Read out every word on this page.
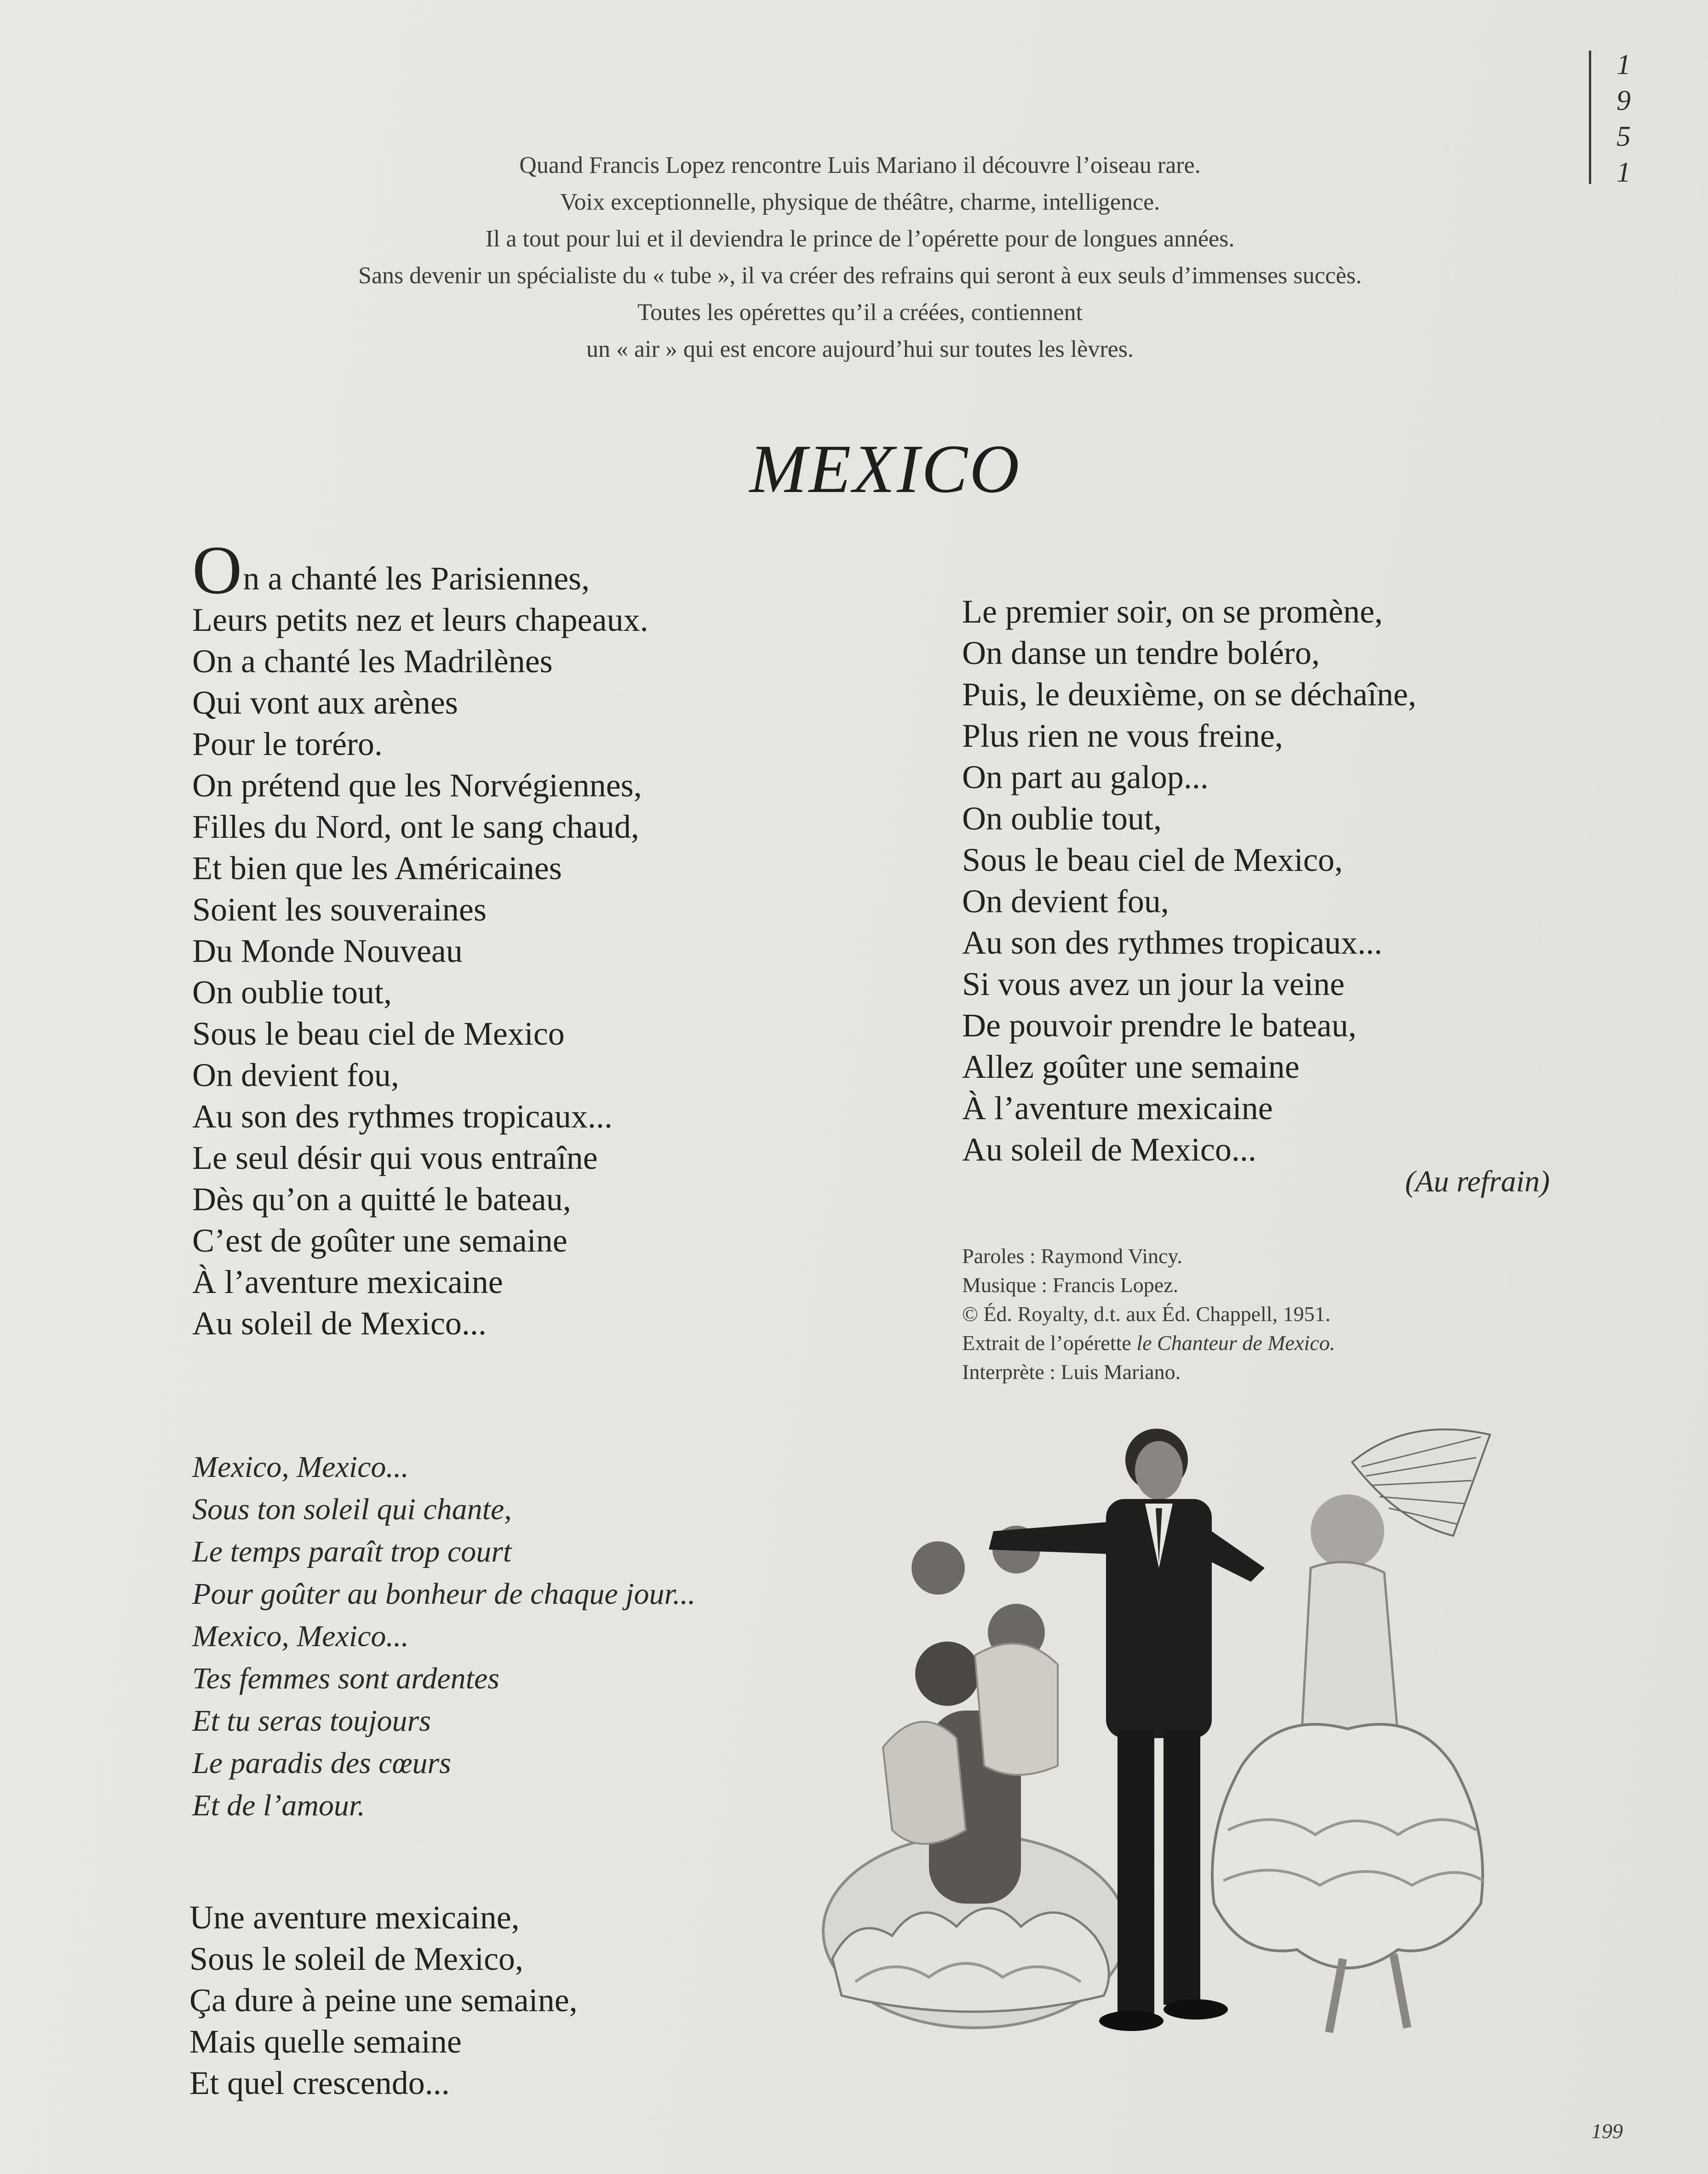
1
9
5
1
Quand Francis Lopez rencontre Luis Mariano il découvre l’oiseau rare.
Voix exceptionnelle, physique de théâtre, charme, intelligence.
Il a tout pour lui et il deviendra le prince de l’opérette pour de longues années.
Sans devenir un spécialiste du « tube », il va créer des refrains qui seront à eux seuls d’immenses succès.
Toutes les opérettes qu’il a créées, contiennent
un « air » qui est encore aujourd’hui sur toutes les lèvres.
MEXICO
On a chanté les Parisiennes,
Leurs petits nez et leurs chapeaux.
On a chanté les Madrilènes
Qui vont aux arènes
Pour le toréro.
On prétend que les Norvégiennes,
Filles du Nord, ont le sang chaud,
Et bien que les Américaines
Soient les souveraines
Du Monde Nouveau
On oublie tout,
Sous le beau ciel de Mexico
On devient fou,
Au son des rythmes tropicaux...
Le seul désir qui vous entraîne
Dès qu’on a quitté le bateau,
C’est de goûter une semaine
À l’aventure mexicaine
Au soleil de Mexico...
Mexico, Mexico...
Sous ton soleil qui chante,
Le temps paraît trop court
Pour goûter au bonheur de chaque jour...
Mexico, Mexico...
Tes femmes sont ardentes
Et tu seras toujours
Le paradis des cœurs
Et de l’amour.
Une aventure mexicaine,
Sous le soleil de Mexico,
Ça dure à peine une semaine,
Mais quelle semaine
Et quel crescendo...
Le premier soir, on se promène,
On danse un tendre boléro,
Puis, le deuxième, on se déchaîne,
Plus rien ne vous freine,
On part au galop...
On oublie tout,
Sous le beau ciel de Mexico,
On devient fou,
Au son des rythmes tropicaux...
Si vous avez un jour la veine
De pouvoir prendre le bateau,
Allez goûter une semaine
À l’aventure mexicaine
Au soleil de Mexico...
(Au refrain)
Paroles : Raymond Vincy.
Musique : Francis Lopez.
© Éd. Royalty, d.t. aux Éd. Chappell, 1951.
Extrait de l’opérette le Chanteur de Mexico.
Interprète : Luis Mariano.
199
